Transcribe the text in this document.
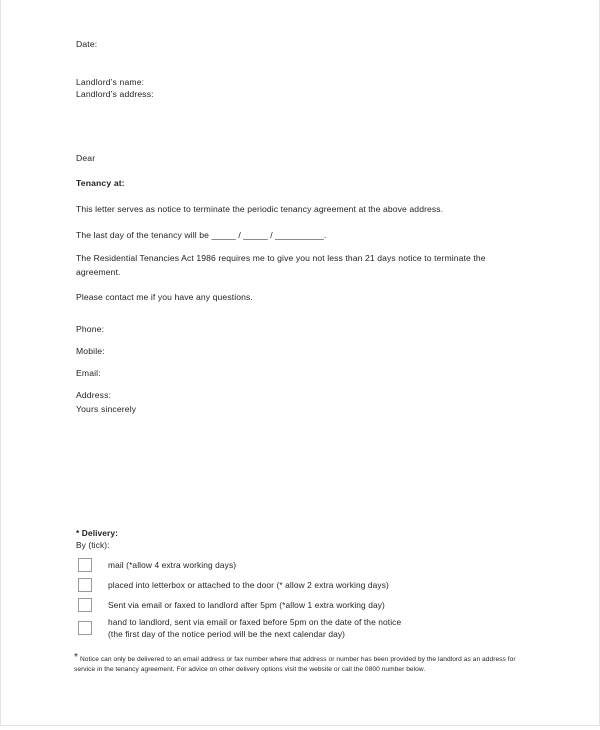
Date:
Landlord’s name:
Landlord’s address:
Dear
Tenancy at:
This letter serves as notice to terminate the periodic tenancy agreement at the above address.
The last day of the tenancy will be _____ / _____ / __________.
The Residential Tenancies Act 1986 requires me to give you not less than 21 days notice to terminate the agreement.
Please contact me if you have any questions.
Phone:
Mobile:
Email:
Address:
Yours sincerely
* Delivery:
By (tick):
mail (*allow 4 extra working days)
placed into letterbox or attached to the door (* allow 2 extra working days)
Sent via email or faxed to landlord after 5pm (*allow 1 extra working day)
hand to landlord, sent via email or faxed before 5pm on the date of the notice
(the first day of the notice period will be the next calendar day)
* Notice can only be delivered to an email address or fax number where that address or number has been provided by the landlord as an address for service in the tenancy agreement. For advice on other delivery options visit the website or call the 0800 number below.
